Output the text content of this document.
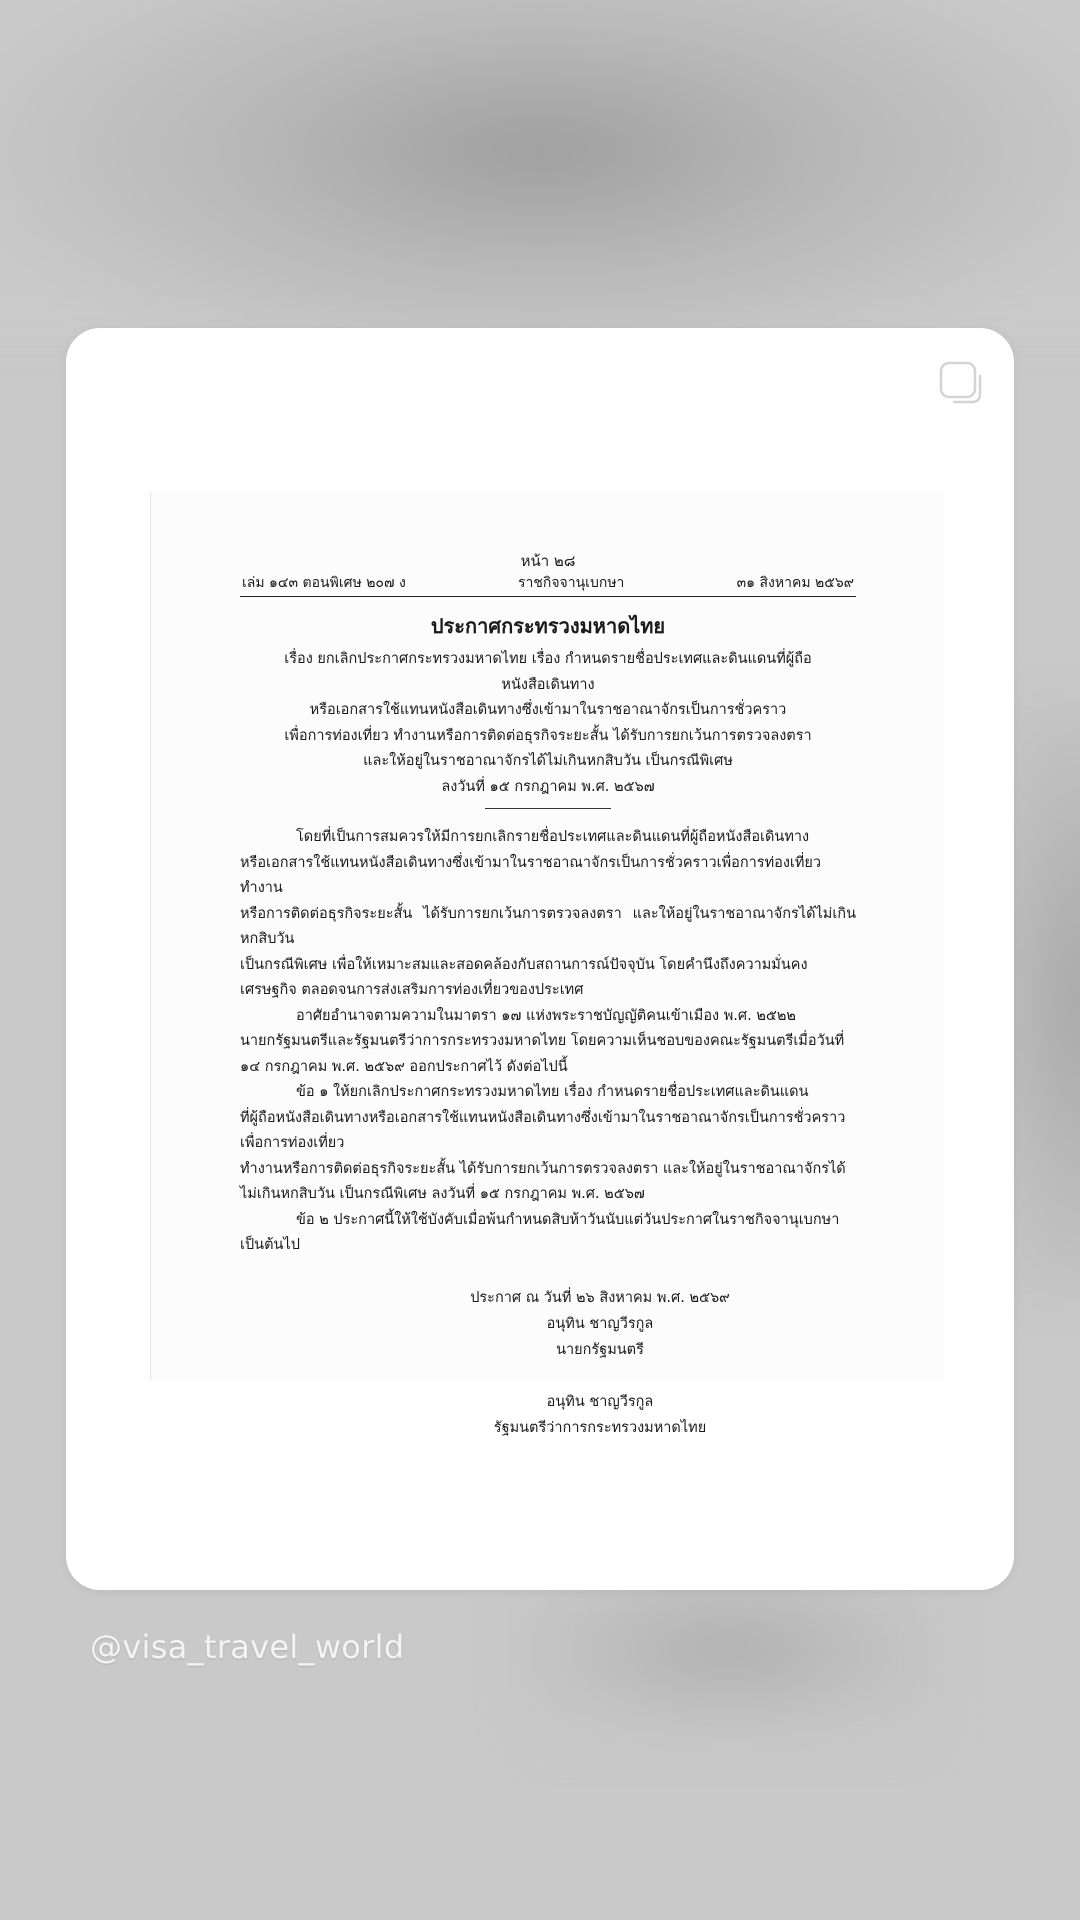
หน้า ๒๘
เล่ม ๑๔๓ ตอนพิเศษ ๒๐๗ ง	ราชกิจจานุเบกษา	๓๑ สิงหาคม ๒๕๖๙
ประกาศกระทรวงมหาดไทย
เรื่อง ยกเลิกประกาศกระทรวงมหาดไทย เรื่อง กำหนดรายชื่อประเทศและดินแดนที่ผู้ถือหนังสือเดินทาง
หรือเอกสารใช้แทนหนังสือเดินทางซึ่งเข้ามาในราชอาณาจักรเป็นการชั่วคราว
เพื่อการท่องเที่ยว ทำงานหรือการติดต่อธุรกิจระยะสั้น ได้รับการยกเว้นการตรวจลงตรา
และให้อยู่ในราชอาณาจักรได้ไม่เกินหกสิบวัน เป็นกรณีพิเศษ
ลงวันที่ ๑๕ กรกฎาคม พ.ศ. ๒๕๖๗

โดยที่เป็นการสมควรให้มีการยกเลิกรายชื่อประเทศและดินแดนที่ผู้ถือหนังสือเดินทาง
หรือเอกสารใช้แทนหนังสือเดินทางซึ่งเข้ามาในราชอาณาจักรเป็นการชั่วคราวเพื่อการท่องเที่ยว ทำงาน
หรือการติดต่อธุรกิจระยะสั้น ได้รับการยกเว้นการตรวจลงตรา และให้อยู่ในราชอาณาจักรได้ไม่เกินหกสิบวัน
เป็นกรณีพิเศษ เพื่อให้เหมาะสมและสอดคล้องกับสถานการณ์ปัจจุบัน โดยคำนึงถึงความมั่นคง
เศรษฐกิจ ตลอดจนการส่งเสริมการท่องเที่ยวของประเทศ

อาศัยอำนาจตามความในมาตรา ๑๗ แห่งพระราชบัญญัติคนเข้าเมือง พ.ศ. ๒๕๒๒
นายกรัฐมนตรีและรัฐมนตรีว่าการกระทรวงมหาดไทย โดยความเห็นชอบของคณะรัฐมนตรีเมื่อวันที่
๑๔ กรกฎาคม พ.ศ. ๒๕๖๙ ออกประกาศไว้ ดังต่อไปนี้

ข้อ ๑ ให้ยกเลิกประกาศกระทรวงมหาดไทย เรื่อง กำหนดรายชื่อประเทศและดินแดน
ที่ผู้ถือหนังสือเดินทางหรือเอกสารใช้แทนหนังสือเดินทางซึ่งเข้ามาในราชอาณาจักรเป็นการชั่วคราวเพื่อการท่องเที่ยว
ทำงานหรือการติดต่อธุรกิจระยะสั้น ได้รับการยกเว้นการตรวจลงตรา และให้อยู่ในราชอาณาจักรได้
ไม่เกินหกสิบวัน เป็นกรณีพิเศษ ลงวันที่ ๑๕ กรกฎาคม พ.ศ. ๒๕๖๗

ข้อ ๒ ประกาศนี้ให้ใช้บังคับเมื่อพ้นกำหนดสิบห้าวันนับแต่วันประกาศในราชกิจจานุเบกษา
เป็นต้นไป

ประกาศ ณ วันที่ ๒๖ สิงหาคม พ.ศ. ๒๕๖๙
อนุทิน ชาญวีรกูล
นายกรัฐมนตรี
อนุทิน ชาญวีรกูล
รัฐมนตรีว่าการกระทรวงมหาดไทย
@visa_travel_world
